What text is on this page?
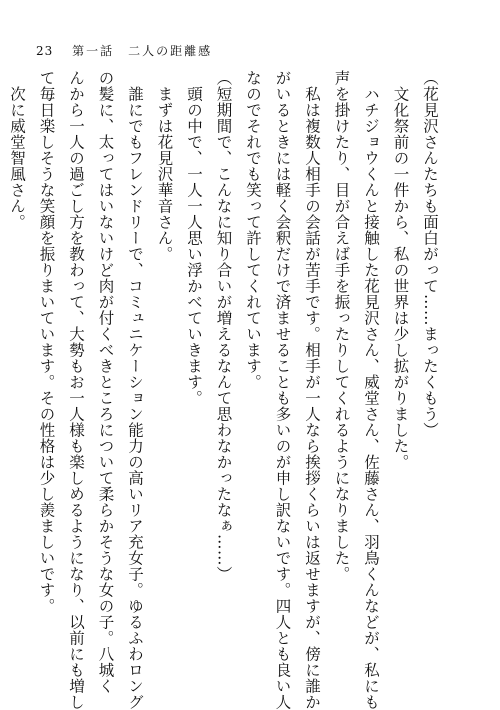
23 第一話　二人の距離感
（花見沢さんたちも面白がって……まったくもう）
　文化祭前の一件から、私の世界は少し拡がりました。
　ハチジョウくんと接触した花見沢さん、威堂さん、佐藤さん、羽鳥くんなどが、私にも
声を掛けたり、目が合えば手を振ったりしてくれるようになりました。
　私は複数人相手の会話が苦手です。相手が一人なら挨拶くらいは返せますが、傍に誰か
がいるときには軽く会釈だけで済ませることも多いのが申し訳ないです。四人とも良い人
なのでそれでも笑って許してくれています。
（短期間で、こんなに知り合いが増えるなんて思わなかったなぁ……）
　頭の中で、一人一人思い浮かべていきます。
　まずは花見沢華音さん。
　誰にでもフレンドリーで、コミュニケーション能力の高いリア充女子。ゆるふわロング
の髪に、太ってはいないけど肉が付くべきところについて柔らかそうな女の子。八城く
んから一人の過ごし方を教わって、大勢もお一人様も楽しめるようになり、以前にも増し
て毎日楽しそうな笑顔を振りまいています。その性格は少し羨ましいです。
　次に威堂智風さん。
